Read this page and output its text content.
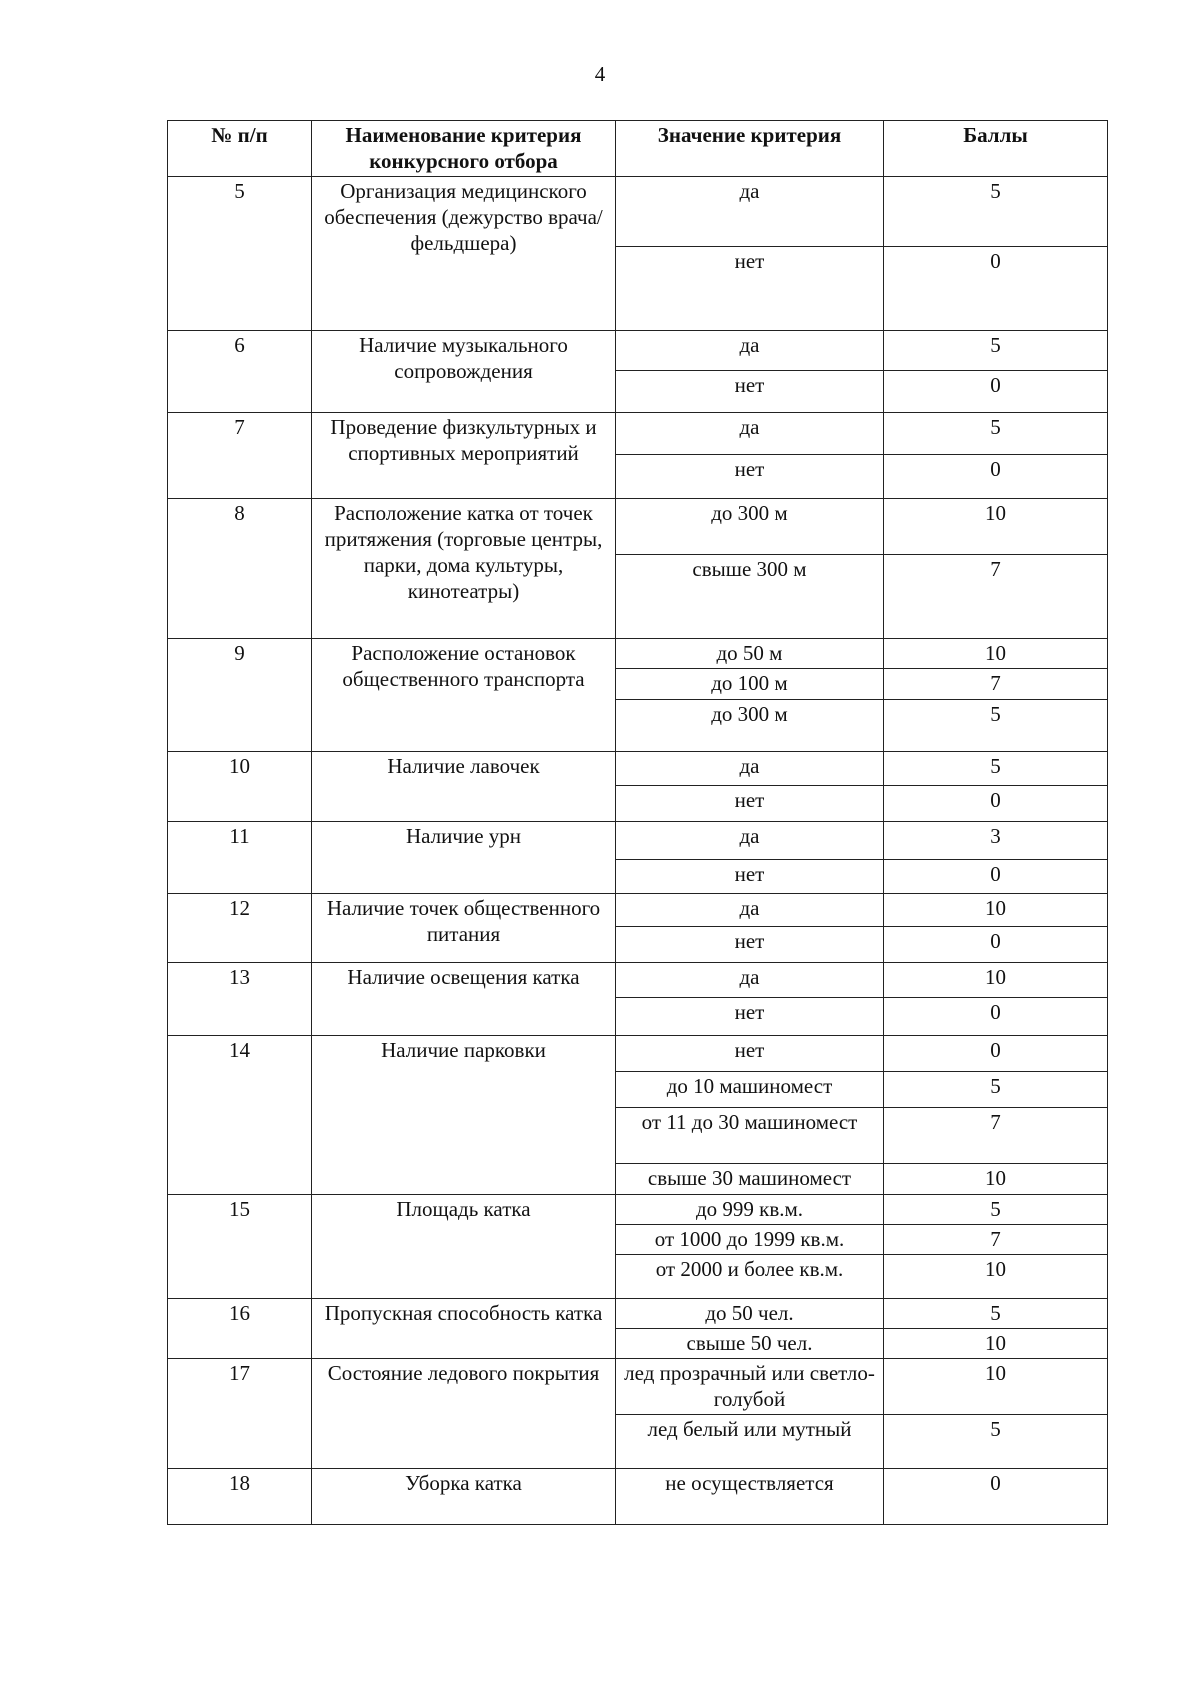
4
№ п/п	Наименование критерия конкурсного отбора	Значение критерия	Баллы
5	Организация медицинского обеспечения (дежурство врача/фельдшера)	да	5
		нет	0
6	Наличие музыкального сопровождения	да	5
		нет	0
7	Проведение физкультурных и спортивных мероприятий	да	5
		нет	0
8	Расположение катка от точек притяжения (торговые центры, парки, дома культуры, кинотеатры)	до 300 м	10
		свыше 300 м	7
9	Расположение остановок общественного транспорта	до 50 м	10
		до 100 м	7
		до 300 м	5
10	Наличие лавочек	да	5
		нет	0
11	Наличие урн	да	3
		нет	0
12	Наличие точек общественного питания	да	10
		нет	0
13	Наличие освещения катка	да	10
		нет	0
14	Наличие парковки	нет	0
		до 10 машиномест	5
		от 11 до 30 машиномест	7
		свыше 30 машиномест	10
15	Площадь катка	до 999 кв.м.	5
		от 1000 до 1999 кв.м.	7
		от 2000 и более кв.м.	10
16	Пропускная способность катка	до 50 чел.	5
		свыше 50 чел.	10
17	Состояние ледового покрытия	лед прозрачный или светло-голубой	10
		лед белый или мутный	5
18	Уборка катка	не осуществляется	0
